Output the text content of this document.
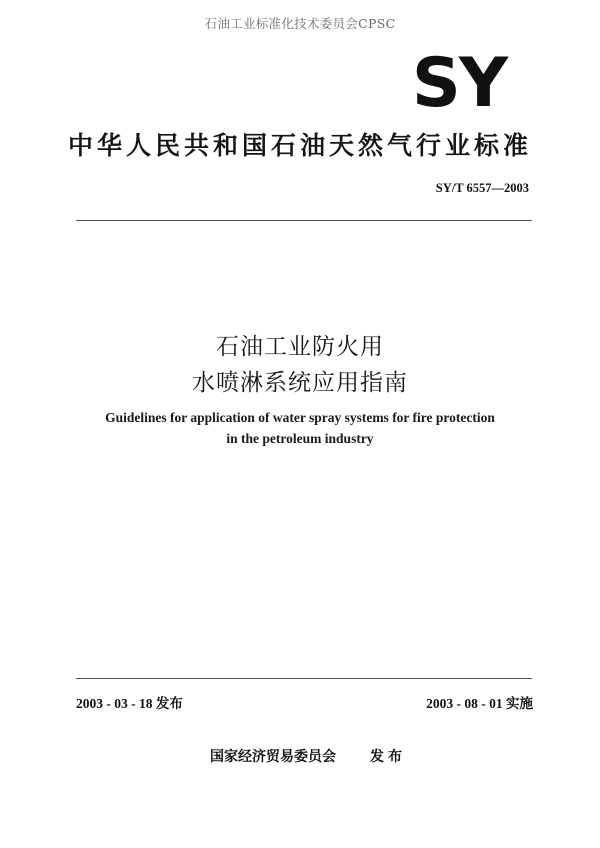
石油工业标准化技术委员会CPSC
SY
中华人民共和国石油天然气行业标准
SY/T 6557—2003
石油工业防火用
水喷淋系统应用指南
Guidelines for application of water spray systems for fire protection
in the petroleum industry
2003 - 03 - 18 发布	2003 - 08 - 01 实施
国家经济贸易委员会 发布
